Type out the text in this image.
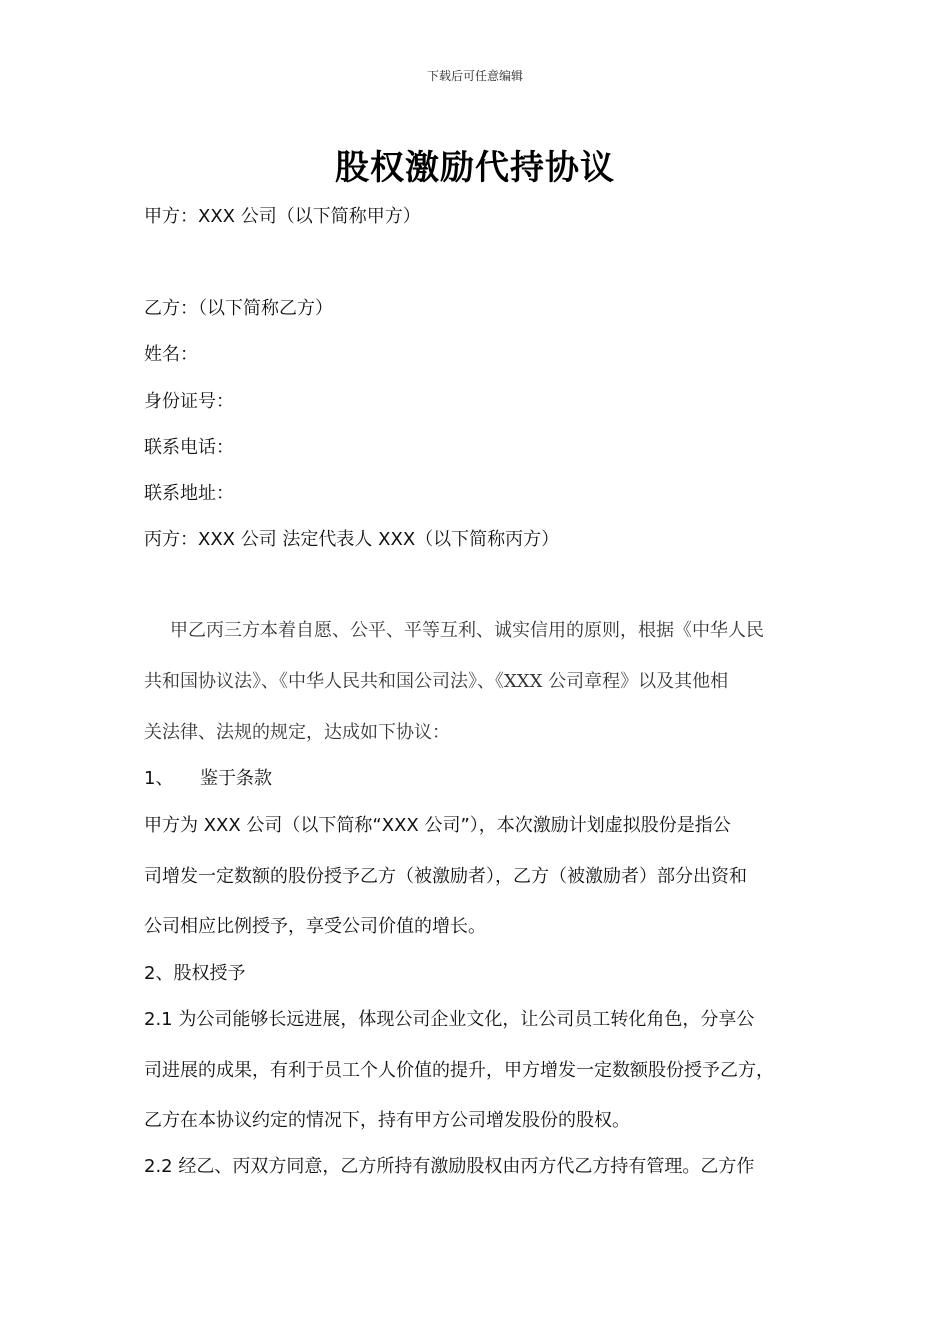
下载后可任意编辑
股权激励代持协议
甲方：XXX 公司（以下简称甲方）
乙方：（以下简称乙方）
姓名：
身份证号：
联系电话：
联系地址：
丙方：XXX 公司 法定代表人 XXX（以下简称丙方）
甲乙丙三方本着自愿、公平、平等互利、诚实信用的原则，根据《中华人民
共和国协议法》、《中华人民共和国公司法》、《XXX 公司章程》以及其他相
关法律、法规的规定，达成如下协议：
1、 鉴于条款
甲方为 XXX 公司（以下简称“XXX 公司”），本次激励计划虚拟股份是指公
司增发一定数额的股份授予乙方（被激励者），乙方（被激励者）部分出资和
公司相应比例授予，享受公司价值的增长。
2、股权授予
2.1 为公司能够长远进展，体现公司企业文化，让公司员工转化角色，分享公
司进展的成果，有利于员工个人价值的提升，甲方增发一定数额股份授予乙方，
乙方在本协议约定的情况下，持有甲方公司增发股份的股权。
2.2 经乙、丙双方同意，乙方所持有激励股权由丙方代乙方持有管理。乙方作
